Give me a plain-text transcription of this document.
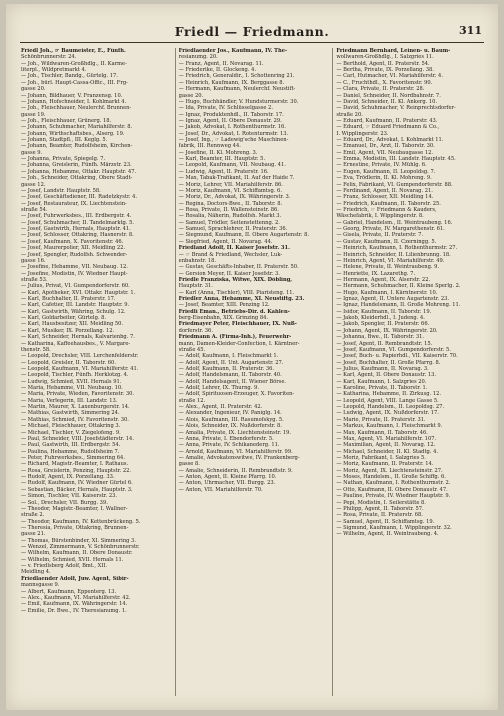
Friedl — Friedmann.	311
Friedl Joh., ☞ Baumeister, E., Fünfh.
Schönbrunnerstr. 24.
— Joh., Wildwaren-Großhdlg., II. Karme-
literpl., Wildpretmarkt 4.
— Joh., Tischler, Bandg., Gürtelg. 17.
— Joh., bürl. Haupt-Cassa-Offic., III. Frg-
gasse 20.
— Johann, Bildhauer, V. Franzensg. 10.
— Johann, Hofschneider, I. Kohlmarkt 4.
— Joh., Fleischhauer, Neulerchf. Brunnen-
gasse 19.
— Joh., Fleischhauer, Grünerg. 18.
— Johann, Schuhmacher, Mariahilferstr. 8.
— Johann, Wirthschaftsbes., Alserg. 19.
— Johann, Stadtpfl., III. Keglg. 5.
— Johann, Beamter, Rudolfsheim, Kirchen-
gasse 9.
— Johanna, Private, Spiegelg. 7.
— Johanna, Greislerin, Fünfh. Märzstr. 23.
— Johanna, Hebamme, Ottakr. Hauptstr. 47.
— Joh., Schneider, Ottakring, Obere Stadt-
gasse 12.
— Josef, Landstr. Hauptstr. 58.
— Josef, Geschäftsdiener, III. Radetzkystr. 4.
— Josef, Restaurateur, IX. Liechtenstein-
straße 54.
— Josef, Fuhrwerksbes., III. Erdbergstr. 4.
— Josef, Schuhmacher, II. Tandelmarktg. 5.
— Josef, Gastwirth, Hernals, Hauptstr. 41.
— Josef, Schlosser, Ottakring, Hasnerstr. 8.
— Josef, Kaufmann, X. Favoritenstr. 46.
— Josef, Maurerpolier, XII. Meidling 22.
— Josef, Spengler, Rudolfsh. Schwender-
gasse 16.
— Josefine, Hebamme, VII. Neubaug. 12.
— Josefine, Modistin, IV. Wiedner Haupt-
straße 53.
— Julius, Privat, VI. Gumpendorferstr. 60.
— Karl, Apotheker, XVI. Ottakr. Hauptstr. 1.
— Karl, Buchhalter, II. Praterstr. 17.
— Karl, Cafetier, III. Landstr. Hauptstr. 9.
— Karl, Gastwirth, Währing, Schulg. 12.
— Karl, Goldarbeiter, Gürtelg. 8.
— Karl, Hausbesitzer, XII. Meidling 50.
— Karl, Musiker, IX. Porzellang. 12.
— Karl, Schneider, Hernals, Kalvarienbg. 7.
— Katharina, Kaffeehausbes., V. Margare-
thenstr. 58.
— Leopold, Drechsler, VIII. Lerchenfelderstr.
— Leopold, Greisler, II. Taborstr. 60.
— Leopold, Kaufmann, VI. Mariahilferstr. 41.
— Leopold, Tischler, Fünfh. Herklotzg. 4.
— Ludwig, Schmied, XVII. Hernals 91.
— Maria, Hebamme, VII. Neubaug. 10.
— Maria, Private, Wieden, Favoritenstr. 30.
— Maria, Verlegerin, III. Landstr. 13.
— Martin, Maurer, X. Laxenburgerstr. 14.
— Mathias, Gastwirth, Simmering 24.
— Mathias, Schmied, IV. Favoritenstr. 30.
— Michael, Fleischhauer, Ottakring 3.
— Michael, Tischler, V. Ziegelofeng. 9.
— Paul, Schneider, VIII. Josefstädterstr. 14.
— Paul, Gastwirth, III. Erdbergstr. 54.
— Paulina, Hebamme, Rudolfsheim 7.
— Peter, Fuhrwerksbes., Simmering 64.
— Richard, Magistr.-Beamter, I. Rathaus.
— Rosa, Greislerin, Penzing, Hauptstr. 22.
— Rudolf, Agent, IX. Porzellang. 33.
— Rudolf, Kaufmann, IV. Wiedner Gürtel 6.
— Sebastian, Bäcker, Hernals, Hauptstr. 3.
— Simon, Tischler, VII. Kaiserstr. 23.
— Sol., Drechsler, VII. Burgg. 39.
— Theodor, Magistr.-Beamter, I. Wallner-
straße 2.
— Theodor, Kaufmann, IV. Kettenbrückeng. 5.
— Theresia, Private, Ottakring, Brunnen-
gasse 21.
— Thomas, Bürstenbinder, XI. Simmering 3.
— Wenzel, Zimmermann, V. Schönbrunnerstr.
— Wilhelm, Kaufmann, II. Obere Donaustr.
— Wilhelm, Schmied, XVII. Hernals 11.
— v. Friedlsberg Adolf, Bmt., XII.
Meidling 4.
Friedlaender Adolf, Juw. Agent, Sibir-
mannsgasse 9.
— Albert, Kaufmann, Eppenterg. 13.
— Alex., Kaufmann, VI. Mariahilferstr. 42.
— Emil, Kaufmann, IX. Währingerstr. 14.
— Emilie, Dr. Bwe., IV. Theresianumg. 1.
Friedlaender Jos., Kaufmann, IV. The-
resianumg. 20.
— Franz, Agent, II. Novarag. 11.
— Friederike, II. Glockeng. 4.
— Friedrich, Generaldir., I. Schottenring 21.
— Heinrich, Kaufmann, IX. Berggasse 8.
— Hermann, Kaufmann, Neulerchf. Neustift-
gasse 20.
— Hugo, Buchhändler, V. Hundsturmerstr. 30.
— Ida, Private, IV. Schlüsselgasse 2.
— Ignaz, Produktenhdl., II. Taborstr. 17.
— Ignaz, Agent, II. Obere Donaustr. 29.
— Jakob, Advokat, I. Rothenthurmstr. 16.
— Josef, Dr., Advokat, I. Rotenturmstr. 13.
— Josef, Ing., ☞ Ladewig'sche Maschinen-
fabrik, III. Rennweg 44.
— Josefine, II. Kl. Mohreng. 3.
— Karl, Beamter, III. Hauptstr. 5.
— Leopold, Kaufmann, VII. Neubaug. 41.
— Ludwig, Agent, II. Praterstr. 16.
— Max, Tabak-Trafikant, II. Auf der Haide 7.
— Moriz, Lehrer, VII. Mariahilferstr. 86.
— Moriz, Kaufmann, VI. Schiffamtsg. 6.
— Moriz, Dr., Advokat, IX. Währingerstr. 3.
— Regina, Doctors-Bwe., II. Taborstr. 8.
— Rosa, Private, II. Wallensteinstr. 86.
— Rosalia, Näherin, Rudolfsh. Markt 3.
— Samuel, Trödler, Seitenstettenng. 2.
— Samuel, Sprachlehrer, II. Praterstr. 36.
— Siegmund, Kaufmann, II. Obere Augartenstr. 8.
— Siegfried, Agent, II. Novarag. 44.
Friedland Adolf, II. Kaiser Josefstr. 31.
— ☞ Brand & Friedland, Wechsler, Luk-
enbahnstr. 18.
— Gustav, Geschäfts-Inhaber, II. Praterstr. 50.
— Gersion Meyer, II. Kaiser Josefstr. 3.
Friedle Franziska, Witwe, XIX. Döbling,
Hauptstr. 31.
— Karl (Anna, Tischler), VIII. Piaristeng. 11.
Friedler Anna, Hebamme, XI. Neustiftg. 23.
— Josef, Beamter, XIII. Penzing 12.
Friedli Eman., Betriebs-Dir. d. Kahlen-
berg-Eisenbahn, XIX. Grinzing 84.
Friedmayer Peter, Fleischhauer, IX. Nuß-
dorferstr. 36.
Friedmann A. (Firma-Inh.), Feuerwehr-
mann, Damen-Kleider-Confection, I. Kärntner-
straße 45.
— Adolf, Kaufmann, I. Fleischmarkt 1.
— Adolf, Agent, II. Unt. Augartenstr. 27.
— Adolf, Kaufmann, II. Praterstr. 36.
— Adolf, Handelsmann, II. Taborstr. 40.
— Adolf, Handelsagent, II. Wiener Börse.
— Adolf, Lehrer, IX. Thurng. 9.
— Adolf, Spirituosen-Erzeuger, X. Favoriten-
straße 12.
— Alex., Agent, II. Praterstr. 42.
— Alexander, Ingenieur, IV. Paniglg. 14.
— Alois, Kaufmann, III. Rasumofskyg. 5.
— Alois, Schneider, IX. Nußdorferstr. 8.
— Amalia, Private, IX. Liechtensteinstr. 19.
— Anna, Private, I. Ebendorferstr. 5.
— Anna, Private, IV. Schikanederg. 11.
— Arnold, Kaufmann, VI. Mariahilferstr. 99.
— Amalie, Advokatenswitwe, IV. Frankenberg-
gasse 8.
— Amalie, Schneiderin, II. Rembrandtstr. 9.
— Anton, Agent, II. Kleine Pfarrg. 10.
— Anton, Uhrmacher, VII. Burgg. 23.
— Anton, VII. Mariahilferstr. 70.
Friedmann Bernhard, Leinen- u. Baum-
wollwaren-Großhdlg., I. Salzgries 11.
— Berthold, Agent, II. Praterstr. 54.
— Bertha, Private, IX. Porzellang. 38.
— Carl, Hutmacher, VI. Mariahilferstr. 4.
— C., Fruchthdl., X. Favoritenstr. 90.
— Clara, Private, II. Praterstr. 28.
— Daniel, Schneider, II. Nordbahnstr. 7.
— David, Schneider, II. Kl. Ankerg. 10.
— David, Schuhmacher, V. Reinprechtsdorfer-
straße 20.
— Eduard, Kaufmann, II. Praterstr. 43.
— Eduard, ☞ Eduard Friedmann & Co.,
I. Wipplingerstr. 23.
— Eduard, Dr., Advokat, I. Kohlmarkt 11.
— Emanuel, Dr., Arzt, II. Taborstr. 30.
— Emil, Agent, VII. Neubaugasse 12.
— Emma, Modistin, III. Landstr. Hauptstr. 45.
— Ernestine, Private, IV. Mühlg. 6.
— Eugen, Kaufmann, II. Leopoldsg. 7.
— Eva, Trödlerin, II. Kl. Mohreng. 9.
— Felix, Fabrikant, VI. Gumpendorferstr. 88.
— Ferdinand, Agent, II. Novarag. 21.
— Franz, Schlosser, XII. Meidling 14.
— Friedrich, Kaufmann, II. Taborstr. 25.
— Friedrich, ☞ Friedmann & Kauders,
Wäschefabrik, I. Wipplingerstr. 8.
— Gabriel, Handelsm., II. Weintraubeng. 16.
— Georg, Private, IV. Margarethenstr. 61.
— Gisela, Private, II. Praterstr. 7.
— Gustav, Kaufmann, II. Czerningg. 5.
— Heinrich, Kaufmann, I. Rothenthurmstr. 27.
— Heinrich, Schneider, II. Lilienbrunng. 18.
— Heinrich, Agent, VI. Mariahilferstr. 49.
— Helene, Private, II. Weintraubeng. 9.
— Henriette, IX. Lazarethg. 7.
— Hermann, Agent, IX. Alserstr. 22.
— Hermann, Schuhmacher, II. Kleine Sperlg. 2.
— Hugo, Kaufmann, I. Kärntnerstr. 10.
— Ignaz, Agent, II. Untere Augartenstr. 23.
— Ignaz, Handelsmann, II. Große Mohreng. 11.
— Isidor, Kaufmann, II. Taborstr. 19.
— Jakob, Kleiderhdl., I. Judeng. 4.
— Jakob, Spengler, II. Praterstr. 66.
— Johann, Agent, IX. Währingerstr. 20.
— Johanna, Bwe., II. Taborstr. 31.
— Josef, Agent, II. Rembrandtstr. 15.
— Josef, Kaufmann, VI. Gumpendorferstr. 5.
— Josef, Buch- u. Papierhdl., VII. Kaiserstr. 70.
— Josef, Buchhalter, II. Große Pfarrg. 8.
— Julius, Kaufmann, II. Novarag. 3.
— Karl, Agent, II. Obere Donaustr. 13.
— Karl, Kaufmann, I. Salzgries 20.
— Karoline, Private, II. Taborstr. 1.
— Katharina, Hebamme, II. Zirkusg. 12.
— Leopold, Agent, VIII. Lange Gasse 5.
— Leopold, Handelsm., II. Leopoldsg. 27.
— Ludwig, Agent, IX. Nußdorferstr. 17.
— Marie, Private, II. Praterstr. 31.
— Markus, Kaufmann, I. Fleischmarkt 9.
— Max, Kaufmann, II. Taborstr. 46.
— Max, Agent, VI. Mariahilferstr. 107.
— Maximilian, Agent, II. Novarag. 12.
— Michael, Schneider, II. Kl. Stadtg. 4.
— Moriz, Fabrikant, I. Salzgries 5.
— Moriz, Kaufmann, II. Praterstr. 14.
— Moriz, Agent, IX. Liechtensteinstr. 27.
— Moses, Handelsm., II. Große Schiffg. 6.
— Nathan, Kaufmann, I. Rothenthurmstr. 2.
— Otto, Kaufmann, II. Obere Donaustr. 47.
— Pauline, Private, IV. Wiedner Hauptstr. 9.
— Pepi, Modistin, I. Seilerstätte 8.
— Philipp, Agent, II. Taborstr. 57.
— Rosa, Private, II. Praterstr. 68.
— Samuel, Agent, II. Schiffamtsg. 19.
— Sigmund, Kaufmann, I. Wipplingerstr. 32.
— Wilhelm, Agent, II. Weintraubeng. 4.
